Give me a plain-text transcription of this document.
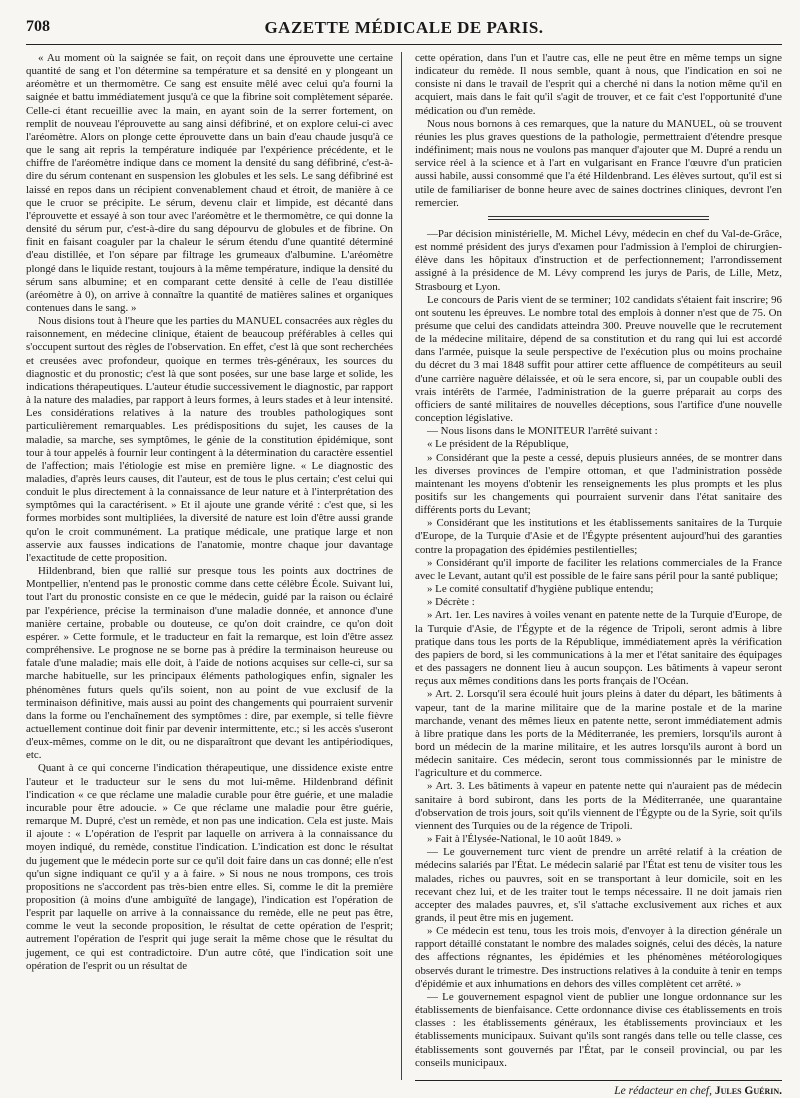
708	GAZETTE MÉDICALE DE PARIS.

« Au moment où la saignée se fait, on reçoit dans une éprouvette une certaine quantité de sang et l'on détermine sa température et sa densité en y plongeant un aréomètre et un thermomètre. Ce sang est ensuite mêlé avec celui qu'a fourni la saignée et battu immédiatement jusqu'à ce que la fibrine soit complètement séparée. Celle-ci étant recueillie avec la main, en ayant soin de la serrer fortement, on remplit de nouveau l'éprouvette au sang ainsi défibriné, et on explore celui-ci avec l'aréomètre. Alors on plonge cette éprouvette dans un bain d'eau chaude jusqu'à ce que le sang ait repris la température indiquée par l'expérience précédente, et le chiffre de l'aréomètre indique dans ce moment la densité du sang défibriné, c'est-à-dire du sérum contenant en suspension les globules et les sels. Le sang défibriné est laissé en repos dans un récipient convenablement chaud et étroit, de manière à ce que le cruor se précipite. Le sérum, devenu clair et limpide, est décanté dans l'éprouvette et essayé à son tour avec l'aréomètre et le thermomètre, ce qui donne la densité du sérum pur, c'est-à-dire du sang dépourvu de globules et de fibrine. On finit en faisant coaguler par la chaleur le sérum étendu d'une quantité déterminé d'eau distillée, et l'on sépare par filtrage les grumeaux d'albumine. L'aréomètre plongé dans le liquide restant, toujours à la même température, indique la densité du sérum sans albumine; et en comparant cette densité à celle de l'eau distillée (aréomètre à 0), on arrive à connaître la quantité de matières salines et organiques contenues dans le sang. »

Nous disions tout à l'heure que les parties du MANUEL consacrées aux règles du raisonnement, en médecine clinique, étaient de beaucoup préférables à celles qui s'occupent surtout des règles de l'observation. En effet, c'est là que sont recherchées et creusées avec profondeur, quoique en termes très-généraux, les sources du diagnostic et du pronostic; c'est là que sont posées, sur une base large et solide, les indications thérapeutiques. L'auteur étudie successivement le diagnostic, par rapport à la nature des maladies, par rapport à leurs formes, à leurs stades et à leur intensité. Les considérations relatives à la nature des troubles pathologiques sont particulièrement remarquables. Les prédispositions du sujet, les causes de la maladie, sa marche, ses symptômes, le génie de la constitution épidémique, sont tour à tour appelés à fournir leur contingent à la détermination du caractère essentiel de l'affection; mais l'étiologie est mise en première ligne. « Le diagnostic des maladies, d'après leurs causes, dit l'auteur, est de tous le plus certain; c'est celui qui conduit le plus directement à la connaissance de leur nature et à l'interprétation des symptômes qui la caractérisent. » Et il ajoute une grande vérité : c'est que, si les formes morbides sont multipliées, la diversité de nature est loin d'être aussi grande qu'on le croit communément. La pratique médicale, une pratique large et non asservie aux fausses indications de l'anatomie, montre chaque jour davantage l'exactitude de cette proposition.

Hildenbrand, bien que rallié sur presque tous les points aux doctrines de Montpellier, n'entend pas le pronostic comme dans cette célèbre École. Suivant lui, tout l'art du pronostic consiste en ce que le médecin, guidé par la raison ou éclairé par l'expérience, précise la terminaison d'une maladie donnée, et annonce d'une manière certaine, probable ou douteuse, ce qu'on doit craindre, ce qu'on doit espérer. » Cette formule, et le traducteur en fait la remarque, est loin d'être assez compréhensive. Le prognose ne se borne pas à prédire la terminaison heureuse ou fatale d'une maladie; mais elle doit, à l'aide de notions acquises sur celle-ci, sur sa marche habituelle, sur les principaux éléments pathologiques enfin, signaler les phénomènes futurs quels qu'ils soient, non au point de vue exclusif de la terminaison définitive, mais aussi au point des changements qui pourraient survenir dans la forme ou l'enchaînement des symptômes : dire, par exemple, si telle fièvre actuellement continue doit finir par devenir intermittente, etc.; si les accès s'useront d'eux-mêmes, comme on le dit, ou ne disparaîtront que devant les antipériodiques, etc.

Quant à ce qui concerne l'indication thérapeutique, une dissidence existe entre l'auteur et le traducteur sur le sens du mot lui-même. Hildenbrand définit l'indication « ce que réclame une maladie curable pour être guérie, et une maladie incurable pour être adoucie. » Ce que réclame une maladie pour être guérie, remarque M. Dupré, c'est un remède, et non pas une indication. Cela est juste. Mais il ajoute : « L'opération de l'esprit par laquelle on arrivera à la connaissance du moyen indiqué, du remède, constitue l'indication. L'indication est donc le résultat du jugement que le médecin porte sur ce qu'il doit faire dans un cas donné; elle n'est qu'un signe indiquant ce qu'il y a à faire. » Si nous ne nous trompons, ces trois propositions ne s'accordent pas très-bien entre elles. Si, comme le dit la première proposition (à moins d'une ambiguïté de langage), l'indication est l'opération de l'esprit par laquelle on arrive à la connaissance du remède, elle ne peut pas être, comme le veut la seconde proposition, le résultat de cette opération de l'esprit; autrement l'opération de l'esprit qui juge serait la même chose que le résultat du jugement, ce qui est contradictoire. D'un autre côté, que l'indication soit une opération de l'esprit ou un résultat de

cette opération, dans l'un et l'autre cas, elle ne peut être en même temps un signe indicateur du remède. Il nous semble, quant à nous, que l'indication en soi ne consiste ni dans le travail de l'esprit qui a cherché ni dans la notion même qu'il en acquiert, mais dans le fait qu'il s'agit de trouver, et ce fait c'est l'opportunité d'une médication ou d'un remède.

Nous nous bornons à ces remarques, que la nature du MANUEL, où se trouvent réunies les plus graves questions de la pathologie, permettraient d'étendre presque indéfiniment; mais nous ne voulons pas manquer d'ajouter que M. Dupré a rendu un service réel à la science et à l'art en vulgarisant en France l'œuvre d'un praticien aussi habile, aussi consommé que l'a été Hildenbrand. Les élèves surtout, qu'il est si utile de familiariser de bonne heure avec de saines doctrines cliniques, devront l'en remercier.

—Par décision ministérielle, M. Michel Lévy, médecin en chef du Val-de-Grâce, est nommé président des jurys d'examen pour l'admission à l'emploi de chirurgien-élève dans les hôpitaux d'instruction et de perfectionnement; l'arrondissement assigné à la présidence de M. Lévy comprend les jurys de Paris, de Lille, Metz, Strasbourg et Lyon.

Le concours de Paris vient de se terminer; 102 candidats s'étaient fait inscrire; 96 ont soutenu les épreuves. Le nombre total des emplois à donner n'est que de 75. On présume que celui des candidats atteindra 300. Preuve nouvelle que le recrutement de la médecine militaire, dépend de sa constitution et du rang qui lui est accordé dans l'armée, puisque la seule perspective de l'exécution plus ou moins prochaine du décret du 3 mai 1848 suffit pour attirer cette affluence de compétiteurs au seuil d'une carrière naguère délaissée, et où le sera encore, si, par un coupable oubli des vrais intérêts de l'armée, l'administration de la guerre préparait au corps des officiers de santé militaires de nouvelles déceptions, sous l'artifice d'une nouvelle conception législative.

— Nous lisons dans le MONITEUR l'arrêté suivant :

« Le président de la République,

» Considérant que la peste a cessé, depuis plusieurs années, de se montrer dans les diverses provinces de l'empire ottoman, et que l'administration possède maintenant les moyens d'obtenir les renseignements les plus prompts et les plus positifs sur les changements qui pourraient survenir dans l'état sanitaire des différents ports du Levant;

» Considérant que les institutions et les établissements sanitaires de la Turquie d'Europe, de la Turquie d'Asie et de l'Égypte présentent aujourd'hui des garanties contre la propagation des épidémies pestilentielles;

» Considérant qu'il importe de faciliter les relations commerciales de la France avec le Levant, autant qu'il est possible de le faire sans péril pour la santé publique;

» Le comité consultatif d'hygiène publique entendu;

» Décrète :

» Art. 1er. Les navires à voiles venant en patente nette de la Turquie d'Europe, de la Turquie d'Asie, de l'Égypte et de la régence de Tripoli, seront admis à libre pratique dans tous les ports de la République, immédiatement après la vérification des papiers de bord, si les communications à la mer et l'état sanitaire des équipages et des passagers ne donnent lieu à aucun soupçon. Les bâtiments à vapeur seront reçus aux mêmes conditions dans les ports français de l'Océan.

» Art. 2. Lorsqu'il sera écoulé huit jours pleins à dater du départ, les bâtiments à vapeur, tant de la marine militaire que de la marine postale et de la marine marchande, venant des mêmes lieux en patente nette, seront immédiatement admis à libre pratique dans les ports de la Méditerranée, les premiers, lorsqu'ils auront à bord un médecin de la marine militaire, et les autres lorsqu'ils auront à bord un médecin sanitaire. Ces médecin, seront tous commissionnés par le ministre de l'agriculture et du commerce.

» Art. 3. Les bâtiments à vapeur en patente nette qui n'auraient pas de médecin sanitaire à bord subiront, dans les ports de la Méditerranée, une quarantaine d'observation de trois jours, soit qu'ils viennent de l'Égypte ou de la Syrie, soit qu'ils viennent des Turquies ou de la régence de Tripoli.

» Fait à l'Élysée-National, le 10 août 1849. »

— Le gouvernement turc vient de prendre un arrêté relatif à la création de médecins salariés par l'État. Le médecin salarié par l'État est tenu de visiter tous les malades, riches ou pauvres, soit en se transportant à leur domicile, soit en les recevant chez lui, et de les traiter tout le temps nécessaire. Il ne doit jamais rien accepter des malades pauvres, et, s'il s'attache exclusivement aux riches et aux grands, il peut être mis en jugement.

» Ce médecin est tenu, tous les trois mois, d'envoyer à la direction générale un rapport détaillé constatant le nombre des malades soignés, celui des décès, la nature des affections régnantes, les épidémies et les phénomènes météorologiques observés durant le trimestre. Des instructions relatives à la conduite à tenir en temps d'épidémie et aux inhumations en dehors des villes complètent cet arrêté. »

— Le gouvernement espagnol vient de publier une longue ordonnance sur les établissements de bienfaisance. Cette ordonnance divise ces établissements en trois classes : les établissements généraux, les établissements provinciaux et les établissements municipaux. Suivant qu'ils sont rangés dans telle ou telle classe, ces établissements sont gouvernés par l'État, par le conseil provincial, ou par les conseils municipaux.

Le rédacteur en chef, Jules Guérin.
